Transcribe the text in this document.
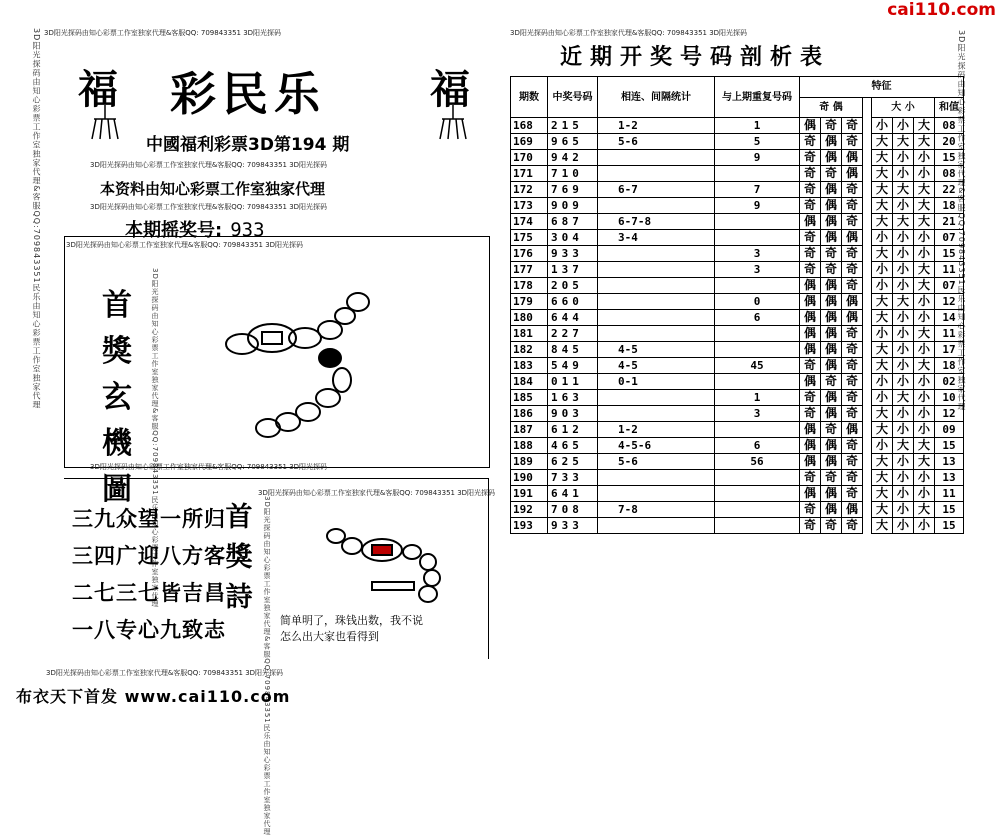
cai110.com
3D阳光探码由知心彩票工作室独家代理&客服QQ:709843351民乐由知心彩票工作室独家代理	3D阳光探码由知心彩票工作室独家代理&客服QQ:709843351民乐由知心彩票工作室独家代理
3D阳光探码由知心彩票工作室独家代理&客服QQ: 709843351 3D阳光探码	3D阳光探码由知心彩票工作室独家代理&客服QQ: 709843351 3D阳光探码
福	福
彩民乐
中國福利彩票3D第194 期
3D阳光探码由知心彩票工作室独家代理&客服QQ: 709843351 3D阳光探码
本资料由知心彩票工作室独家代理
3D阳光探码由知心彩票工作室独家代理&客服QQ: 709843351 3D阳光探码
本期摇奖号: 933
3D阳光探码由知心彩票工作室独家代理&客服QQ: 709843351 3D阳光探码
3D阳光探码由知心彩票工作室独家代理&客服QQ:709843351民乐由知心彩票工作室独家代理
首
獎
玄
機
圖
3D阳光探码由知心彩票工作室独家代理&客服QQ: 709843351 3D阳光探码
3D阳光探码由知心彩票工作室独家代理&客服QQ: 709843351 3D阳光探码
三九众望一所归
三四广迎八方客
二七三七皆吉昌
一八专心九致志
首
獎
詩	3D阳光探码由知心彩票工作室独家代理&客服QQ:709843351民乐由知心彩票工作室独家代理 简单明了，珠钱出数，我不说
怎么出大家也看得到
3D阳光探码由知心彩票工作室独家代理&客服QQ: 709843351 3D阳光探码
布衣天下首发 www.cai110.com
近期开奖号码剖析表
期数	中奖号码	相连、间隔统计	与上期重复号码	特征							
				奇 偶				大 小			和值
168	215	1-2	1	偶	奇	奇		小	小	大	08
169	965	5-6	5	奇	偶	奇		大	大	大	20
170	942		9	奇	偶	偶		大	小	小	15
171	710			奇	奇	偶		大	小	小	08
172	769	6-7	7	奇	偶	奇		大	大	大	22
173	909		9	奇	偶	奇		大	小	大	18
174	687	6-7-8		偶	偶	奇		大	大	大	21
175	304	3-4		奇	偶	偶		小	小	小	07
176	933		3	奇	奇	奇		大	小	小	15
177	137		3	奇	奇	奇		小	小	大	11
178	205			偶	偶	奇		小	小	大	07
179	660		0	偶	偶	偶		大	大	小	12
180	644		6	偶	偶	偶		大	小	小	14
181	227			偶	偶	奇		小	小	大	11
182	845	4-5		偶	偶	奇		大	小	小	17
183	549	4-5	45	奇	偶	奇		大	小	大	18
184	011	0-1		偶	奇	奇		小	小	小	02
185	163		1	奇	偶	奇		小	大	小	10
186	903		3	奇	偶	奇		大	小	小	12
187	612	1-2		偶	奇	偶		大	小	小	09
188	465	4-5-6	6	偶	偶	奇		小	大	大	15
189	625	5-6	56	偶	偶	奇		大	小	大	13
190	733			奇	奇	奇		大	小	小	13
191	641			偶	偶	奇		大	小	小	11
192	708	7-8		奇	偶	偶		大	小	大	15
193	933			奇	奇	奇		大	小	小	15
